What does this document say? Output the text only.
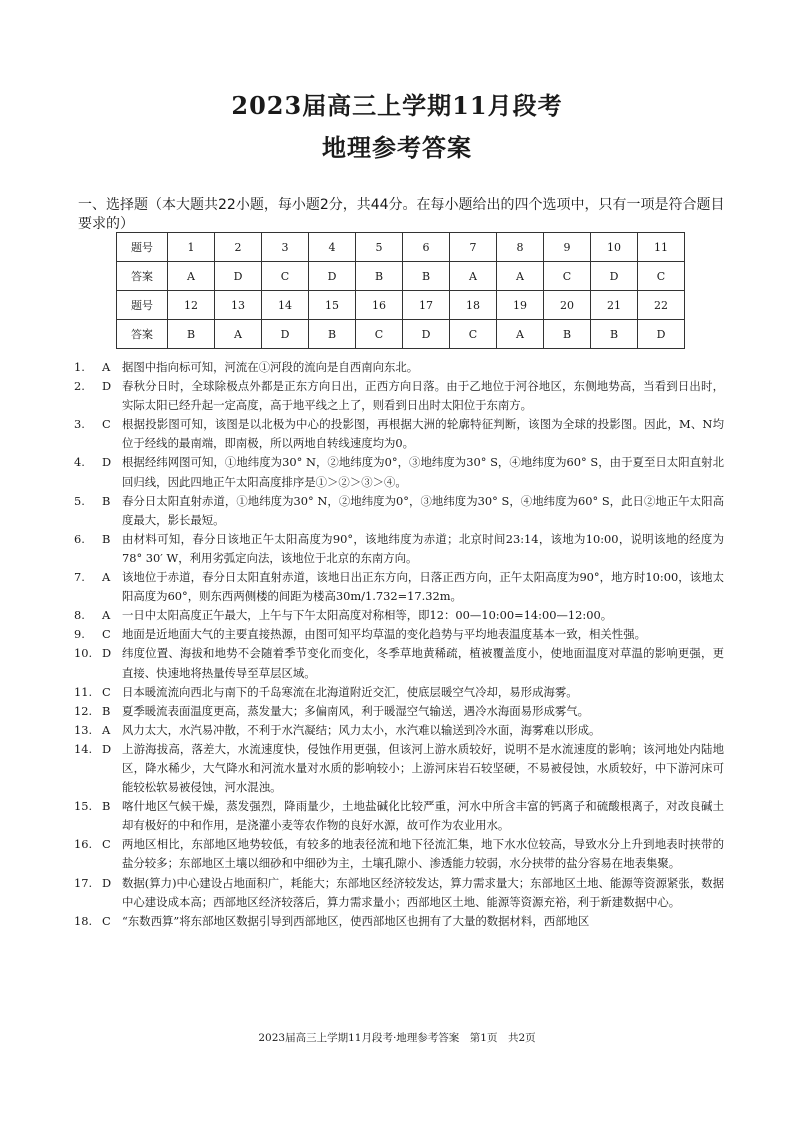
2023届高三上学期11月段考
地理参考答案
一、选择题（本大题共22小题，每小题2分，共44分。在每小题给出的四个选项中，只有一项是符合题目要求的）
题号	1	2	3	4	5	6	7	8	9	10	11
答案	A	D	C	D	B	B	A	A	C	D	C
题号	12	13	14	15	16	17	18	19	20	21	22
答案	B	A	D	B	C	D	C	A	B	B	D
1.	A	据图中指向标可知，河流在①河段的流向是自西南向东北。
2.	D 春秋分日时，全球除极点外都是正东方向日出，正西方向日落。由于乙地位于河谷地区，东侧地势高，当看到日出时，实际太阳已经升起一定高度，高于地平线之上了，则看到日出时太阳位于东南方。
3.	C 根据投影图可知，该图是以北极为中心的投影图，再根据大洲的轮廓特征判断，该图为全球的投影图。因此，M、N均位于经线的最南端，即南极，所以两地自转线速度均为0。
4.	D 根据经纬网图可知，①地纬度为30° N，②地纬度为0°，③地纬度为30° S，④地纬度为60° S，由于夏至日太阳直射北回归线，因此四地正午太阳高度排序是①＞②＞③＞④。
5.	B	春分日太阳直射赤道，①地纬度为30° N，②地纬度为0°，③地纬度为30° S，④地纬度为60° S，此日②地正午太阳高度最大，影长最短。
6.	B	由材料可知，春分日该地正午太阳高度为90°，该地纬度为赤道；北京时间23:14，该地为10:00，说明该地的经度为78° 30′ W，利用劣弧定向法，该地位于北京的东南方向。
7.	A	该地位于赤道，春分日太阳直射赤道，该地日出正东方向，日落正西方向，正午太阳高度为90°，地方时10:00，该地太阳高度为60°，则东西两侧楼的间距为楼高30m/1.732=17.32m。
8.	A	一日中太阳高度正午最大，上午与下午太阳高度对称相等，即12：00—10:00=14:00—12:00。
9.	C 地面是近地面大气的主要直接热源，由图可知平均草温的变化趋势与平均地表温度基本一致，相关性强。
10. D 纬度位置、海拔和地势不会随着季节变化而变化，冬季草地黄稀疏，植被覆盖度小，使地面温度对草温的影响更强，更直接、快速地将热量传导至草层区域。
11. C 日本暖流流向西北与南下的千岛寒流在北海道附近交汇，使底层暖空气冷却，易形成海雾。
12. B	夏季暖流表面温度更高，蒸发量大；多偏南风，利于暖湿空气输送，遇冷水海面易形成雾气。
13. A	风力太大，水汽易冲散，不利于水汽凝结；风力太小，水汽难以输送到冷水面，海雾难以形成。
14. D 上游海拔高，落差大，水流速度快，侵蚀作用更强，但该河上游水质较好，说明不是水流速度的影响；该河地处内陆地区，降水稀少，大气降水和河流水量对水质的影响较小；上游河床岩石较坚硬，不易被侵蚀，水质较好，中下游河床可能较松软易被侵蚀，河水混浊。
15. B	喀什地区气候干燥，蒸发强烈，降雨量少，土地盐碱化比较严重，河水中所含丰富的钙离子和硫酸根离子，对改良碱土却有极好的中和作用，是浇灌小麦等农作物的良好水源，故可作为农业用水。
16. C 两地区相比，东部地区地势较低，有较多的地表径流和地下径流汇集，地下水水位较高，导致水分上升到地表时挟带的盐分较多；东部地区土壤以细砂和中细砂为主，土壤孔隙小、渗透能力较弱，水分挟带的盐分容易在地表集聚。
17. D 数据(算力)中心建设占地面积广，耗能大；东部地区经济较发达，算力需求量大；东部地区土地、能源等资源紧张，数据中心建设成本高；西部地区经济较落后，算力需求量小；西部地区土地、能源等资源充裕，利于新建数据中心。
18. C “东数西算”将东部地区数据引导到西部地区，使西部地区也拥有了大量的数据材料，西部地区
2023届高三上学期11月段考·地理参考答案　第1页　共2页
